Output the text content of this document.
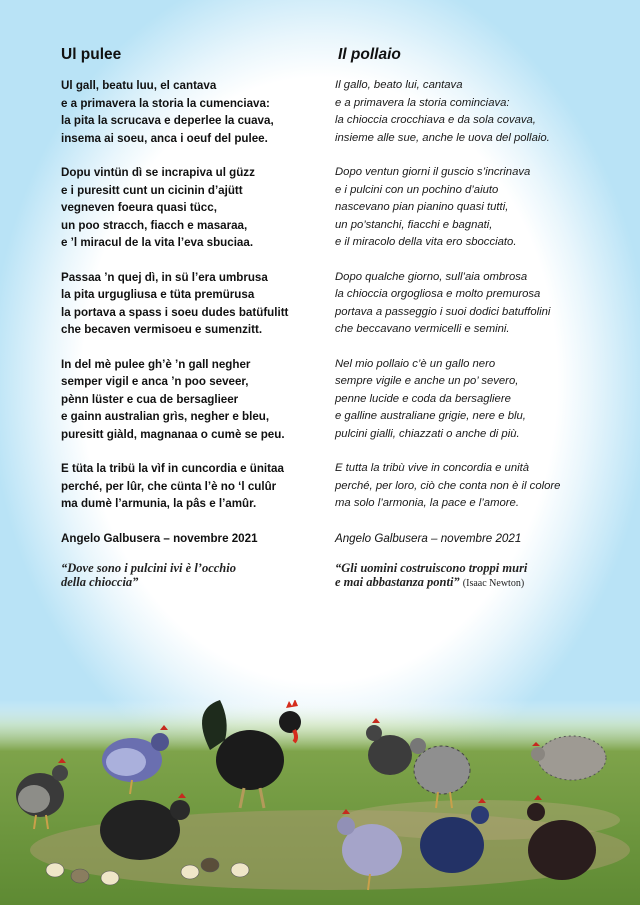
Ul pulee
Ul gall, beatu luu, el cantava
e a primavera la storia la cumenciava:
la pita la scrucava e deperlee la cuava,
insema ai soeu, anca i oeuf del pulee.
Dopu vintün dì se incrapiva ul güzz
e i puresitt cunt un cicinin d’ajütt
vegneven foeura quasi tücc,
un poo stracch, fiacch e masaraa,
e ’l miracul de la vita l’eva sbuciaa.
Passaa ’n quej dì, in sü l’era umbrusa
la pita urgugliusa e tüta premürusa
la portava a spass i soeu dudes batüfulitt
che becaven vermisoeu e sumenzitt.
In del mè pulee gh’è ’n gall negher
semper vigil e anca ’n poo seveer,
pènn lüster e cua de bersaglieer
e gainn australian grìs, negher e bleu,
puresitt giàld, magnanaa o cumè se peu.
E tüta la tribü la vìf in cuncordia e ünitaa
perché, per lûr, che cünta l’è no ‘l culûr
ma dumè l’armunia, la pâs e l’amûr.
Angelo Galbusera – novembre 2021
“Dove sono i pulcini ivi è l’occhio
della chioccia”
Il pollaio
Il gallo, beato lui, cantava
e a primavera la storia cominciava:
la chioccia crocchiava e da sola covava,
insieme alle sue, anche le uova del pollaio.
Dopo ventun giorni il guscio s’incrinava
e i pulcini con un pochino d’aiuto
nascevano pian pianino quasi tutti,
un po’stanchi, fiacchi e bagnati,
e il miracolo della vita ero sbocciato.
Dopo qualche giorno, sull’aia ombrosa
la chioccia orgogliosa e molto premurosa
portava a passeggio i suoi dodici batuffolini
che beccavano vermicelli e semini.
Nel mio pollaio c’è un gallo nero
sempre vigile e anche un po’ severo,
penne lucide e coda da bersagliere
e galline australiane grigie, nere e blu,
pulcini gialli, chiazzati o anche di più.
E tutta la tribù vive in concordia e unità
perché, per loro, ciò che conta non è il colore
ma solo l’armonia, la pace e l’amore.
Angelo Galbusera – novembre 2021
“Gli uomini costruiscono troppi muri
e mai abbastanza ponti” (Isaac Newton)
